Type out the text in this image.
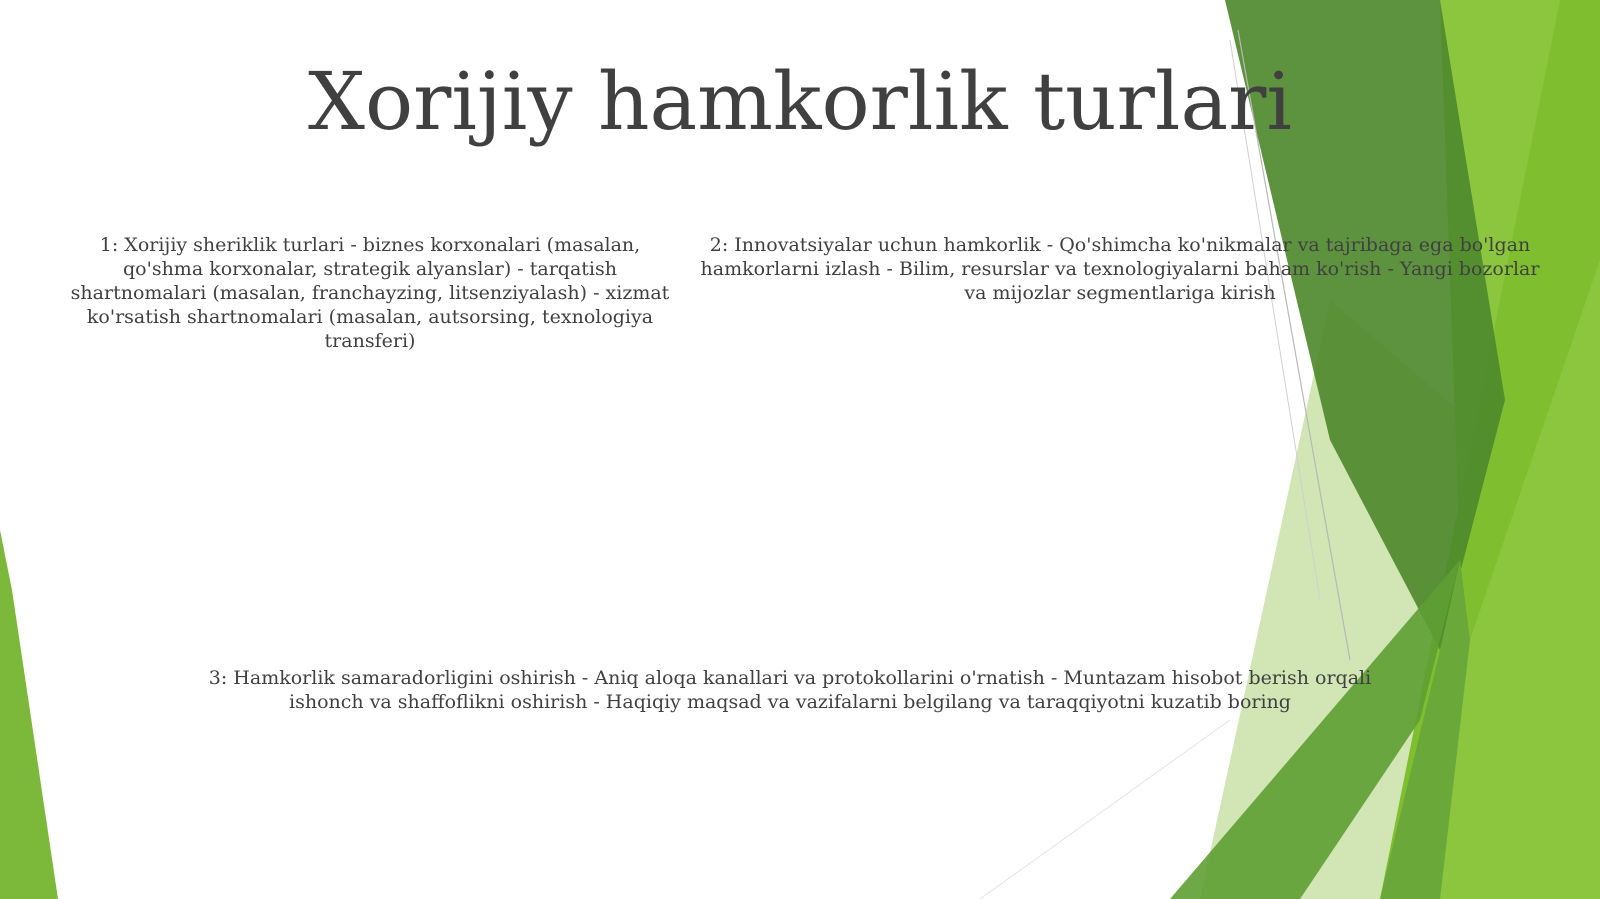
Xorijiy hamkorlik turlari
1: Xorijiy sheriklik turlari - biznes korxonalari (masalan, qo'shma korxonalar, strategik alyanslar) - tarqatish shartnomalari (masalan, franchayzing, litsenziyalash) - xizmat ko'rsatish shartnomalari (masalan, autsorsing, texnologiya transferi)
2: Innovatsiyalar uchun hamkorlik - Qo'shimcha ko'nikmalar va tajribaga ega bo'lgan hamkorlarni izlash - Bilim, resurslar va texnologiyalarni baham ko'rish - Yangi bozorlar va mijozlar segmentlariga kirish
3: Hamkorlik samaradorligini oshirish - Aniq aloqa kanallari va protokollarini o'rnatish - Muntazam hisobot berish orqali ishonch va shaffoflikni oshirish - Haqiqiy maqsad va vazifalarni belgilang va taraqqiyotni kuzatib boring
